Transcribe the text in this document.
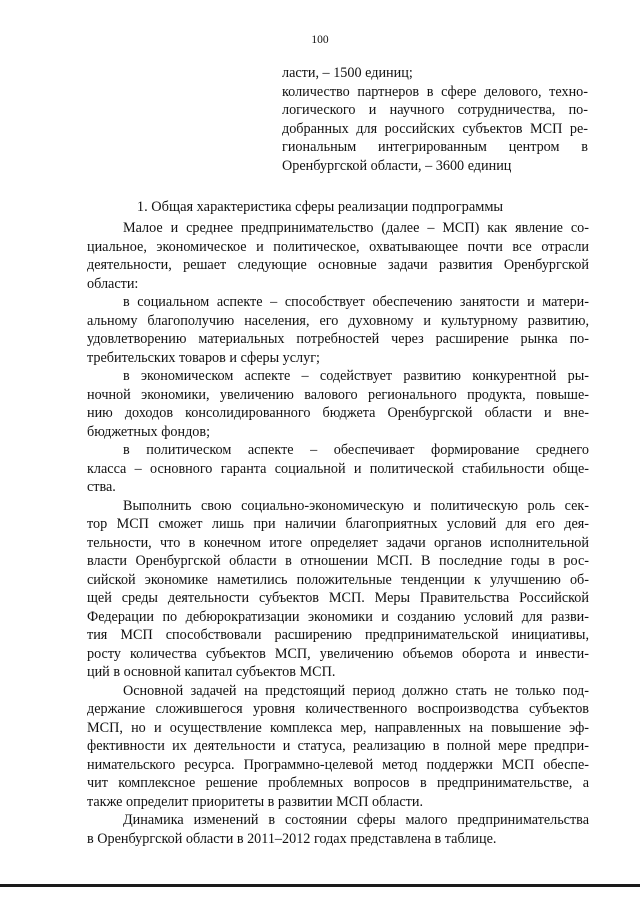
100
ласти, – 1500 единиц;
количество партнеров в сфере делового, техно-
логического и научного сотрудничества, по-
добранных для российских субъектов МСП ре-
гиональным    интегрированным    центром    в
Оренбургской области, – 3600 единиц
1. Общая характеристика сферы реализации подпрограммы

Малое и среднее предпринимательство (далее – МСП) как явление со-
циальное, экономическое и политическое, охватывающее почти все отрасли
деятельности, решает следующие основные задачи развития Оренбургской
области:

в социальном аспекте – способствует обеспечению занятости и матери-
альному благополучию населения, его духовному и культурному развитию,
удовлетворению материальных потребностей через расширение рынка по-
требительских товаров и сферы услуг;

в экономическом аспекте – содействует развитию конкурентной ры-
ночной экономики, увеличению валового регионального продукта, повыше-
нию доходов консолидированного бюджета Оренбургской области и вне-
бюджетных фондов;

в политическом аспекте – обеспечивает формирование среднего
класса – основного гаранта социальной и политической стабильности обще-
ства.

Выполнить свою социально-экономическую и политическую роль сек-
тор МСП сможет лишь при наличии благоприятных условий для его дея-
тельности, что в конечном итоге определяет задачи органов исполнительной
власти Оренбургской области в отношении МСП. В последние годы в рос-
сийской экономике наметились положительные тенденции к улучшению об-
щей среды деятельности субъектов МСП. Меры Правительства Российской
Федерации по дебюрократизации экономики и созданию условий для разви-
тия МСП способствовали расширению предпринимательской инициативы,
росту количества субъектов МСП, увеличению объемов оборота и инвести-
ций в основной капитал субъектов МСП.

Основной задачей на предстоящий период должно стать не только под-
держание сложившегося уровня количественного воспроизводства субъектов
МСП, но и осуществление комплекса мер, направленных на повышение эф-
фективности их деятельности и статуса, реализацию в полной мере предпри-
нимательского ресурса. Программно-целевой метод поддержки МСП обеспе-
чит комплексное решение проблемных вопросов в предпринимательстве, а
также определит приоритеты в развитии МСП области.

Динамика изменений в состоянии сферы малого предпринимательства
в Оренбургской области в 2011–2012 годах представлена в таблице.
